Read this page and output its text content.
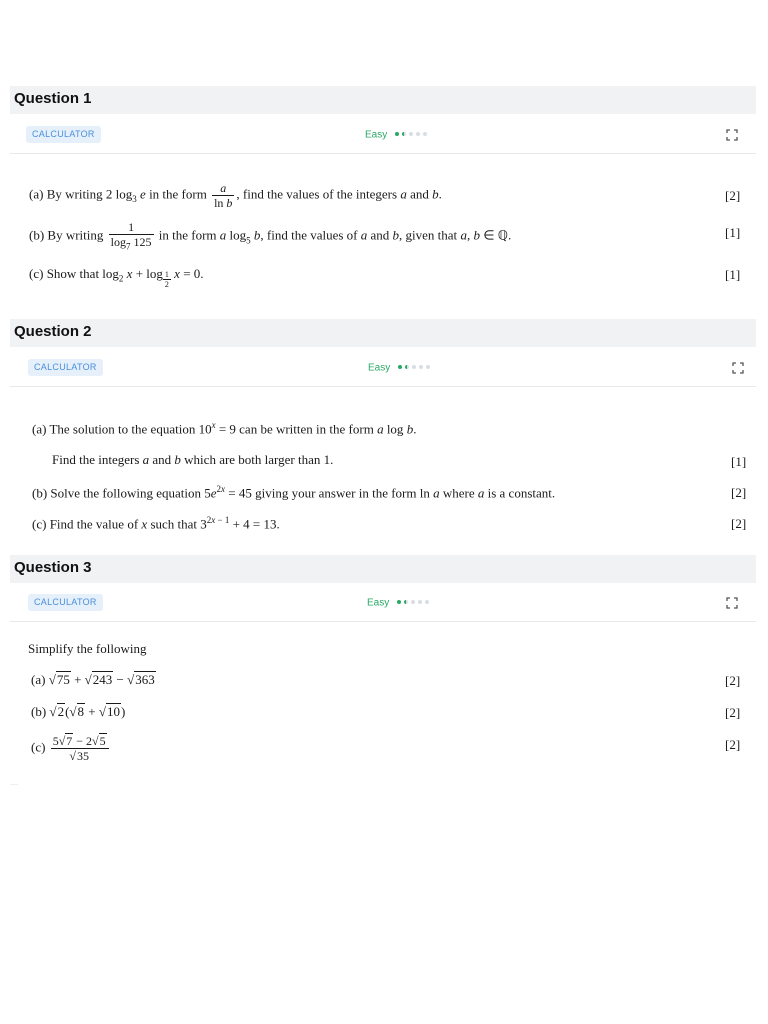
Question 1
CALCULATOR	Easy
(a) By writing 2 $\log_3 e$ in the form $\frac{a}{\text{ln b}}$ , find the values of the integers a and b.	[2]
(b) By writing $\frac{1}{\log_7 125}$ in the form a $\log_5 b$, find the values of a and b, given that a, b ∈ ℚ.	[1]
(c) Show that $\log_2 x + \log _{\frac{1}{2}}$ x = 0.	[1]
Question 2
CALCULATOR	Easy
(a) The solution to the equation $10^x = 9$ can be written in the form a log b.
Find the integers a and b which are both larger than 1.	[1]
(b) Solve the following equation $5e^{2x} = 45$ giving your answer in the form ln a where a is a constant.	[2]
(c) Find the value of x such that $3^{2x - 1} + 4 = 13$.	[2]
Question 3
CALCULATOR	Easy
Simplify the following
(a) √75 + √243 − √363	[2]
(b) √2(√8 + √10)	[2]
$(c) \frac{5√7 - 2√5}{√35}$	[2]
